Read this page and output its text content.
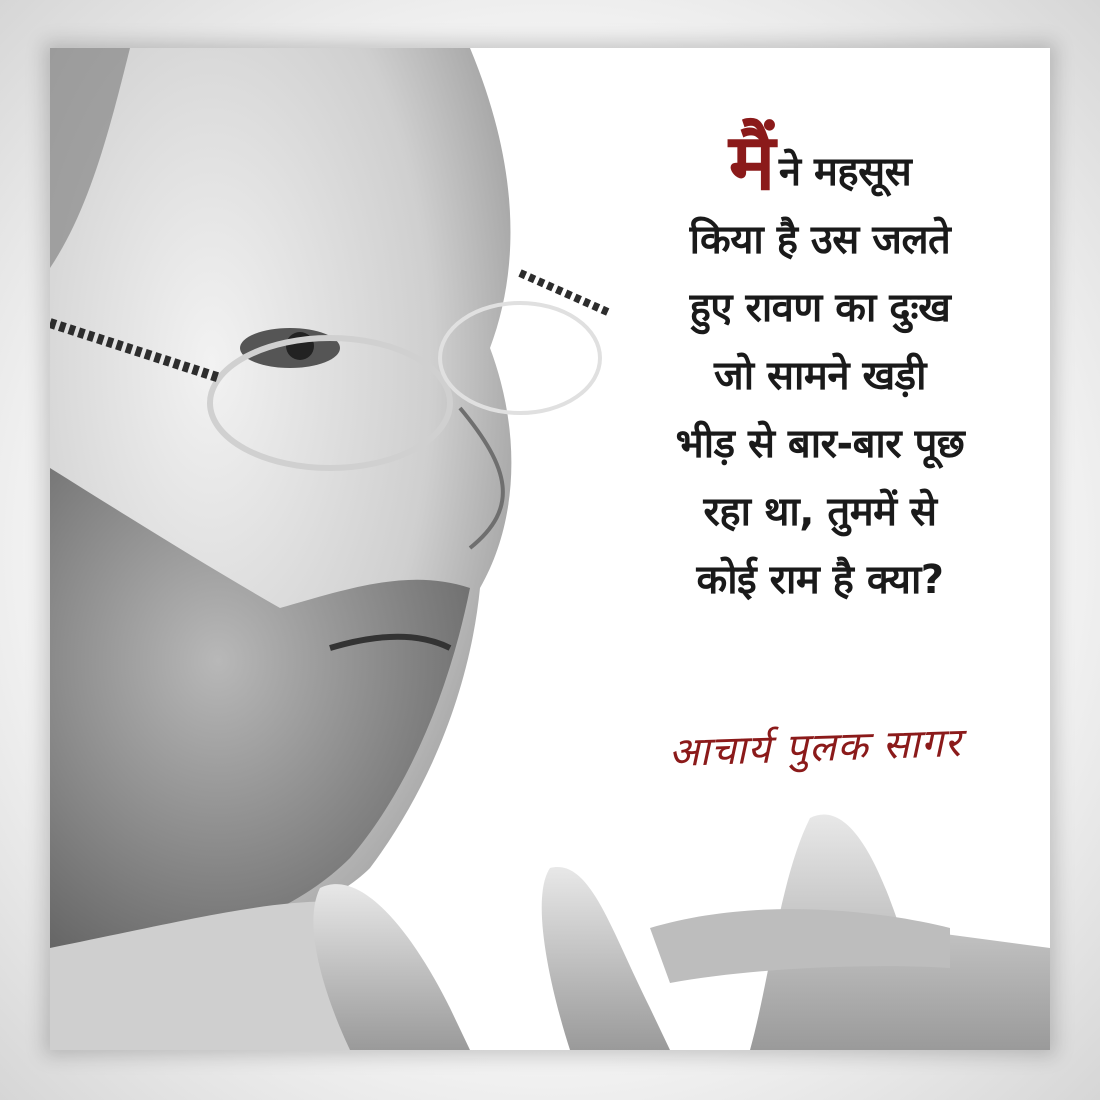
मैं ने महसूस
किया है उस जलते
हुए रावण का दुःख
जो सामने खड़ी
भीड़ से बार-बार पूछ
रहा था, तुममें से
कोई राम है क्या?
आचार्य पुलक सागर
